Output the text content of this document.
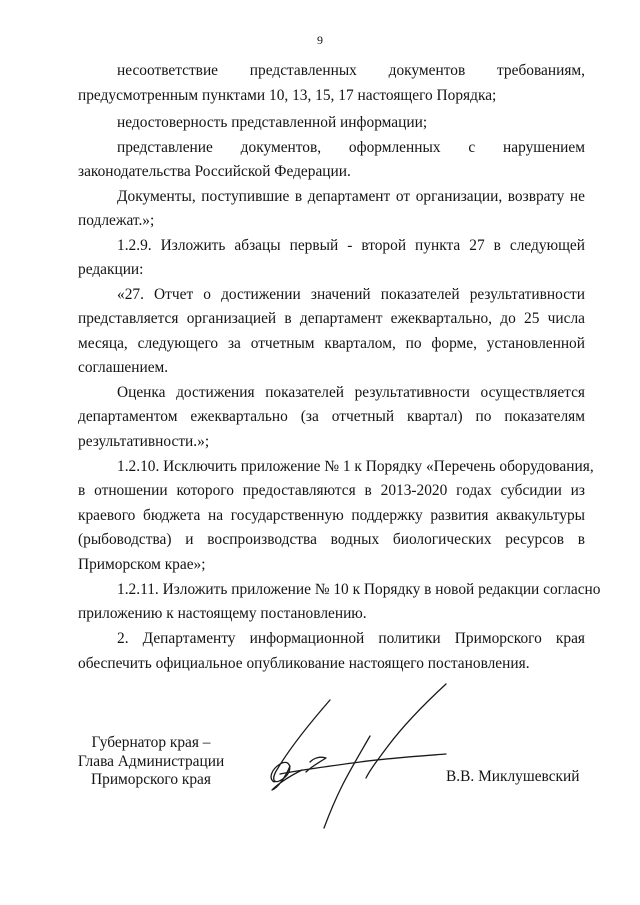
9
несоответствие представленных документов требованиям,
предусмотренным пунктами 10, 13, 15, 17 настоящего Порядка;
недостоверность представленной информации;
представление документов, оформленных с нарушением
законодательства Российской Федерации.
Документы, поступившие в департамент от организации, возврату не
подлежат.»;
1.2.9. Изложить абзацы первый - второй пункта 27 в следующей
редакции:
«27. Отчет о достижении значений показателей результативности
представляется организацией в департамент ежеквартально, до 25 числа
месяца, следующего за отчетным кварталом, по форме, установленной
соглашением.
Оценка достижения показателей результативности осуществляется
департаментом ежеквартально (за отчетный квартал) по показателям
результативности.»;
1.2.10. Исключить приложение № 1 к Порядку «Перечень оборудования,
в отношении которого предоставляются в 2013-2020 годах субсидии из
краевого бюджета на государственную поддержку развития аквакультуры
(рыбоводства) и воспроизводства водных биологических ресурсов в
Приморском крае»;
1.2.11. Изложить приложение № 10 к Порядку в новой редакции согласно
приложению к настоящему постановлению.
2. Департаменту информационной политики Приморского края
обеспечить официальное опубликование настоящего постановления.
Губернатор края –
Глава Администрации
Приморского края	В.В. Миклушевский
